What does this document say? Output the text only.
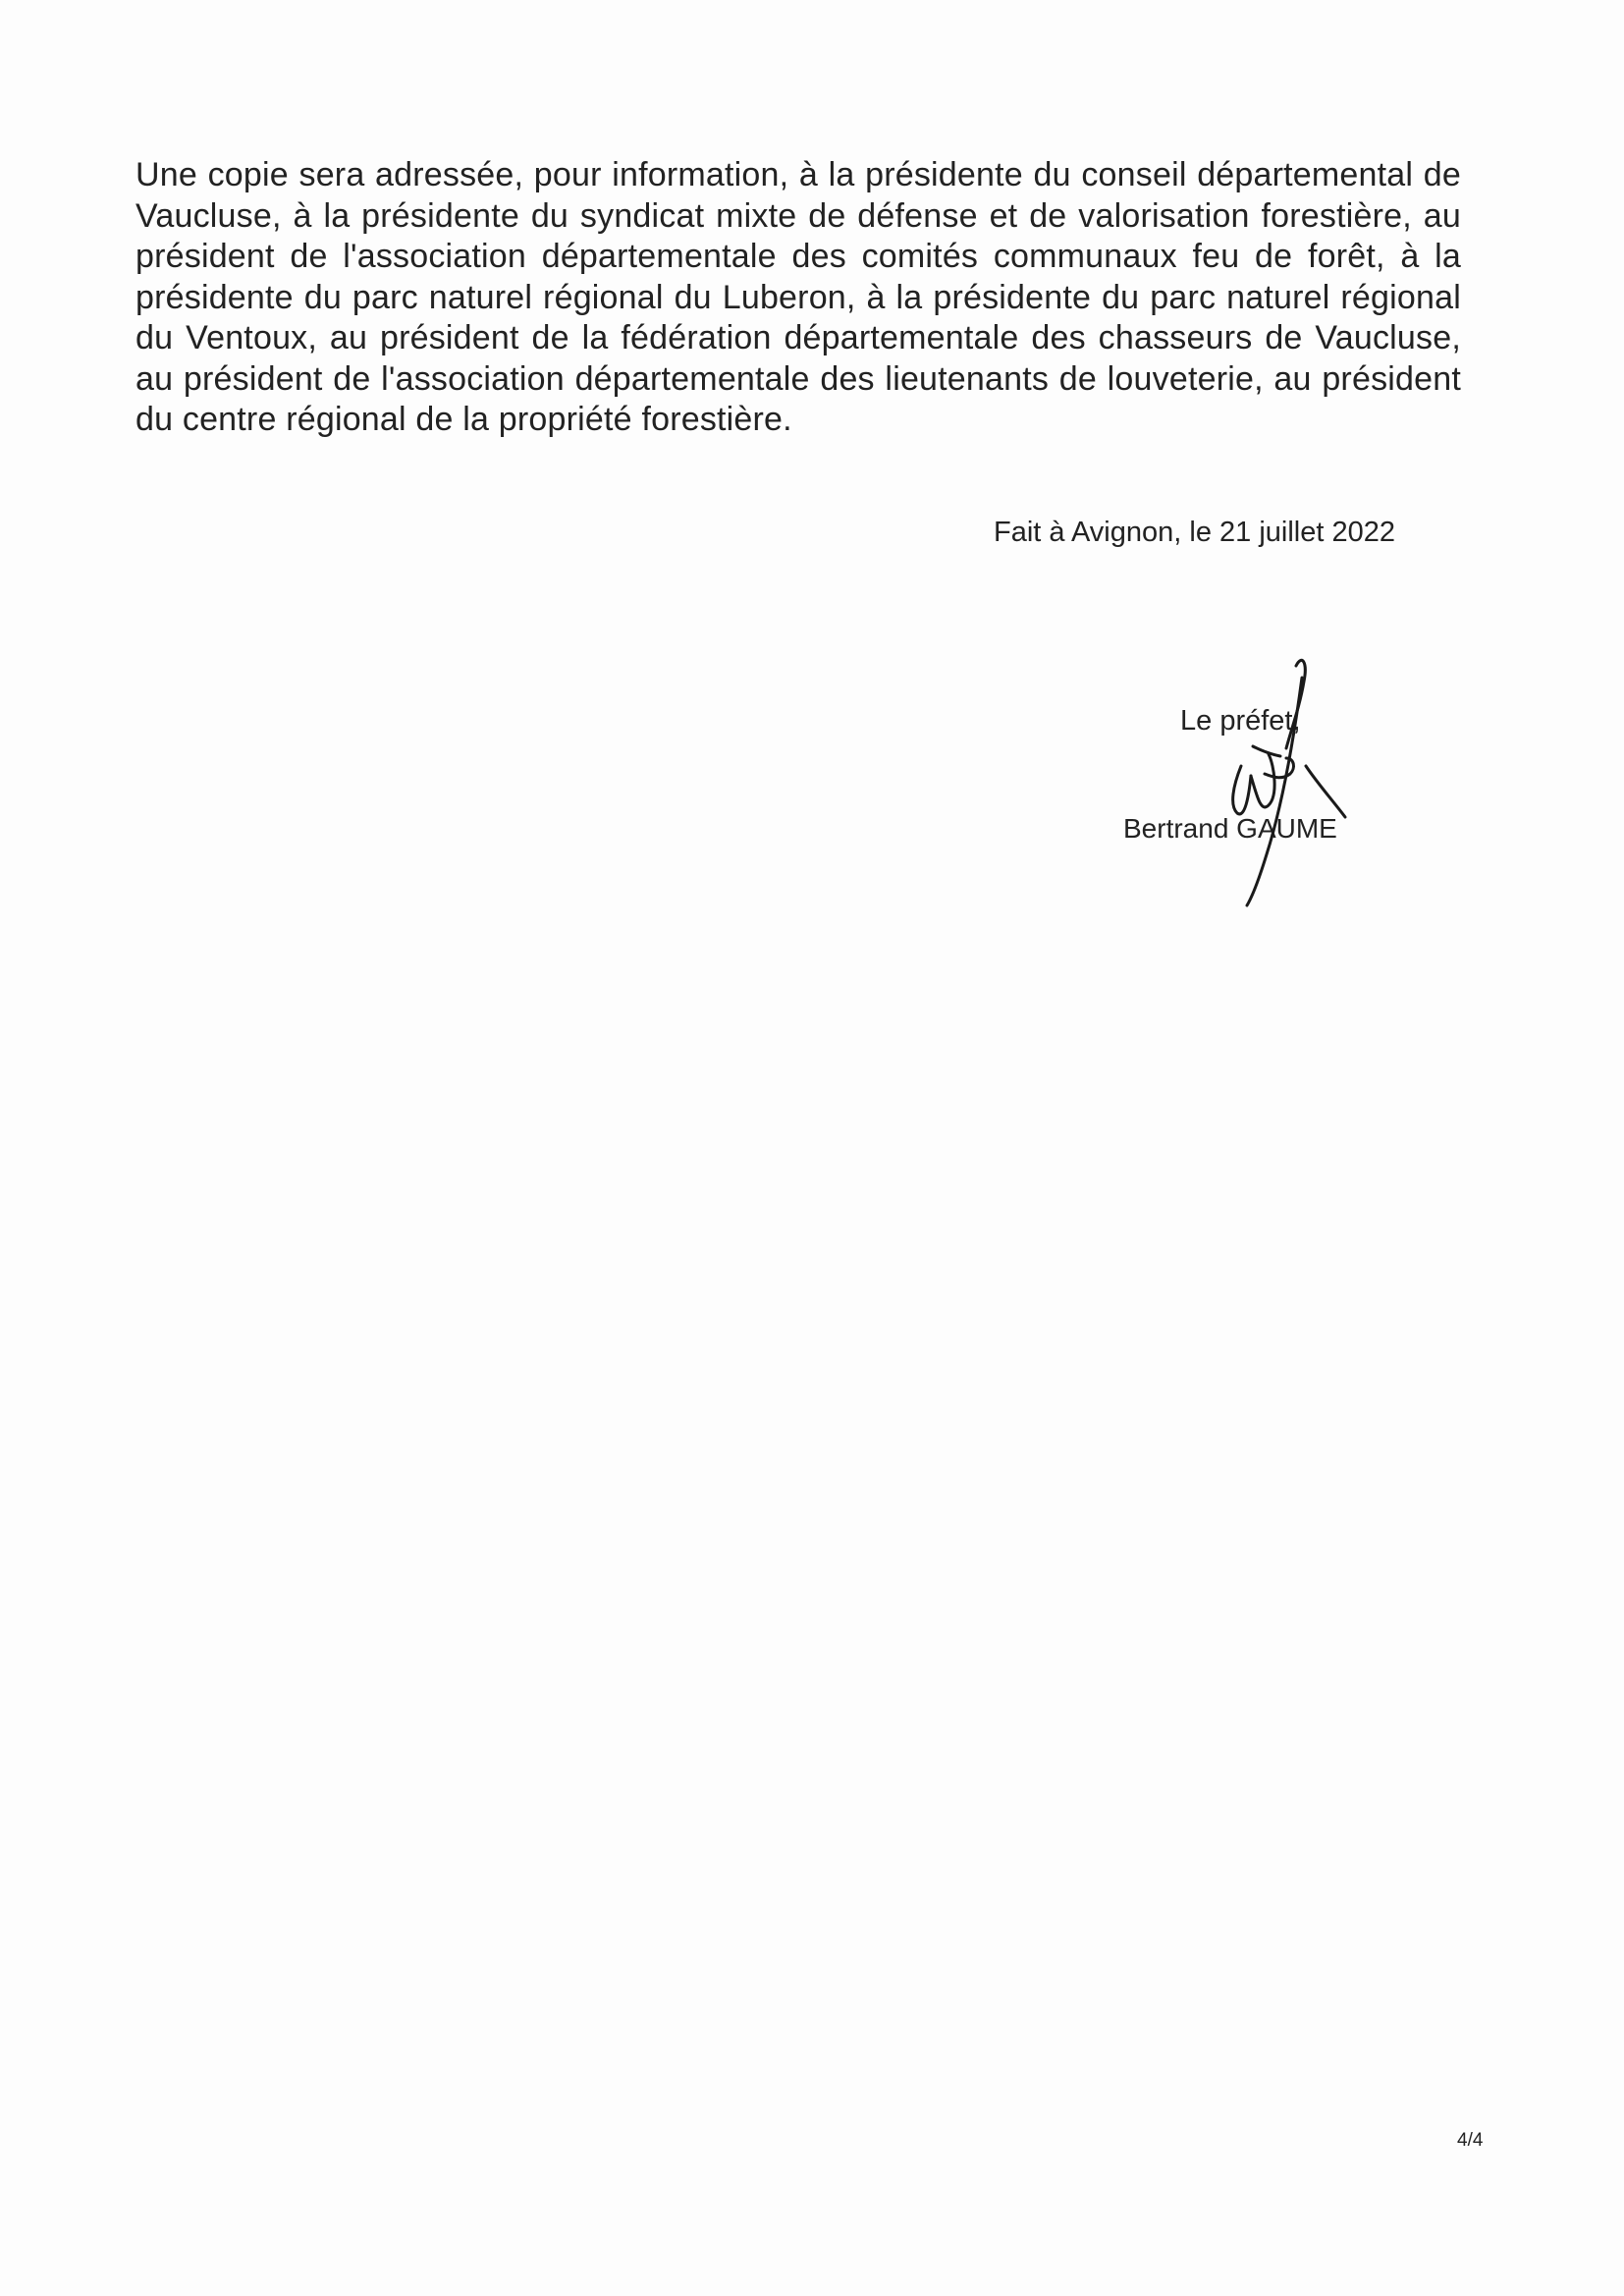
Une copie sera adressée, pour information, à la présidente du conseil départemental de Vaucluse, à la présidente du syndicat mixte de défense et de valorisation forestière, au président de l'association départementale des comités communaux feu de forêt, à la présidente du parc naturel régional du Luberon, à la présidente du parc naturel régional du Ventoux, au président de la fédération départementale des chasseurs de Vaucluse, au président de l'association départementale des lieutenants de louveterie, au président du centre régional de la propriété forestière.

Fait à Avignon, le 21 juillet 2022

Le préfet,

Bertrand GAUME

4/4
